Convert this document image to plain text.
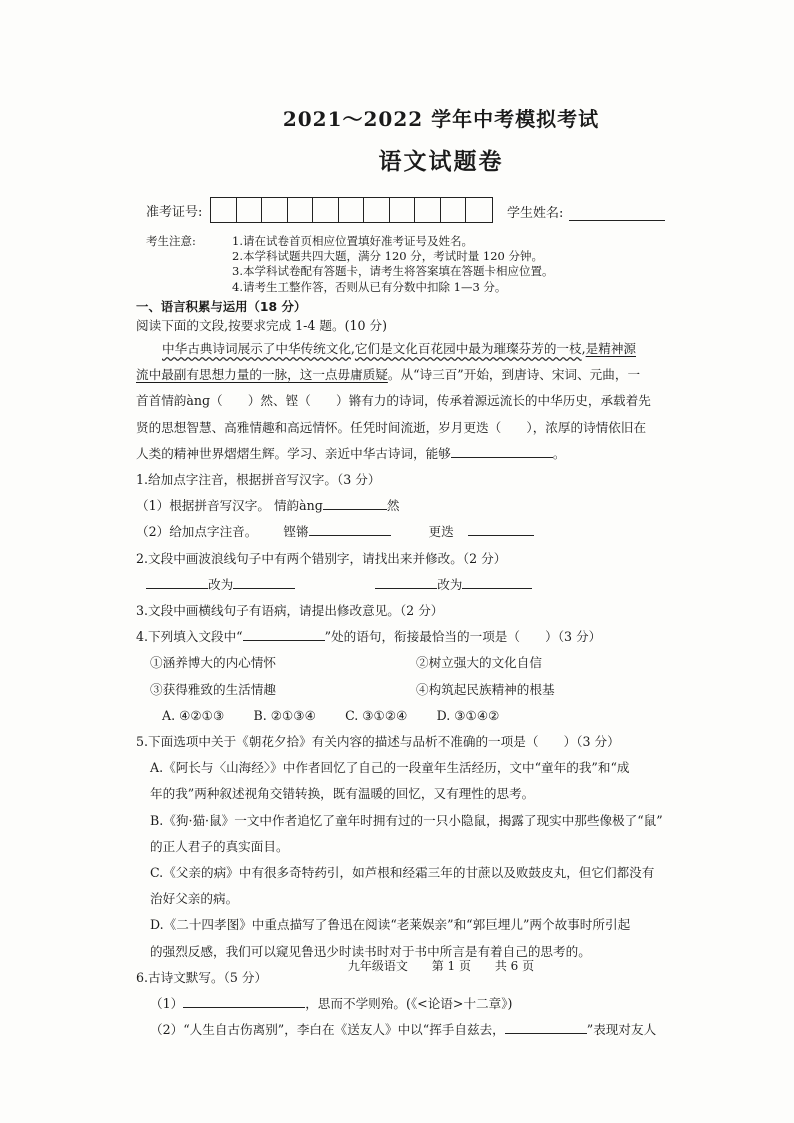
2021～2022 学年中考模拟考试
语文试题卷
准考证号:	学生姓名:
考生注意:	1.请在试卷首页相应位置填好准考证号及姓名。
2.本学科试题共四大题，满分 120 分，考试时量 120 分钟。
3.本学科试卷配有答题卡，请考生将答案填在答题卡相应位置。
4.请考生工整作答，否则从已有分数中扣除 1—3 分。
一、语言积累与运用（18 分）
阅读下面的文段,按要求完成 1-4 题。(10 分)
中华古典诗词展示了中华传统文化,它们是文化百花园中最为璀璨芬芳的一枝,是精神源
流中最副有思想力量的一脉，这一点毋庸质疑。从“诗三百”开始，到唐诗、宋词、元曲，一
首首情韵ànɡ（　　）然、铿（　　）锵有力的诗词，传承着源远流长的中华历史，承载着先
贤的思想智慧、高雅情趣和高远情怀。任凭时间流逝，岁月更迭（　　），浓厚的诗情依旧在
人类的精神世界熠熠生辉。学习、亲近中华古诗词，能够	。
1.给加点字注音，根据拼音写汉字。（3 分）
（1）根据拼音写汉字。 情韵ànɡ	然
（2）给加点字注音。 铿锵	更迭
2.文段中画波浪线句子中有两个错别字，请找出来并修改。（2 分）
改为	改为
3.文段中画横线句子有语病，请提出修改意见。（2 分）
4.下列填入文段中“	”处的语句，衔接最恰当的一项是（　　）（3 分）
①涵养博大的内心情怀	②树立强大的文化自信
③获得雅致的生活情趣	④构筑起民族精神的根基
A. ④②①③　　 B. ②①③④　　 C. ③①②④　　 D. ③①④②
5.下面选项中关于《朝花夕拾》有关内容的描述与品析不准确的一项是（　　）（3 分）
A.《阿长与〈山海经〉》中作者回忆了自己的一段童年生活经历，文中“童年的我”和“成
年的我”两种叙述视角交错转换，既有温暖的回忆，又有理性的思考。
B.《狗·猫·鼠》一文中作者追忆了童年时拥有过的一只小隐鼠，揭露了现实中那些像极了“鼠”
的正人君子的真实面目。
C.《父亲的病》中有很多奇特药引，如芦根和经霜三年的甘蔗以及败鼓皮丸，但它们都没有
治好父亲的病。
D.《二十四孝图》中重点描写了鲁迅在阅读“老莱娱亲”和“郭巨埋儿”两个故事时所引起
的强烈反感，我们可以窥见鲁迅少时读书时对于书中所言是有着自己的思考的。
6.古诗文默写。（5 分）
（1）	，思而不学则殆。(《<论语>十二章》)
（2）“人生自古伤离别”，李白在《送友人》中以“挥手自兹去，	”表现对友人
九年级语文 第 1 页 共 6 页
